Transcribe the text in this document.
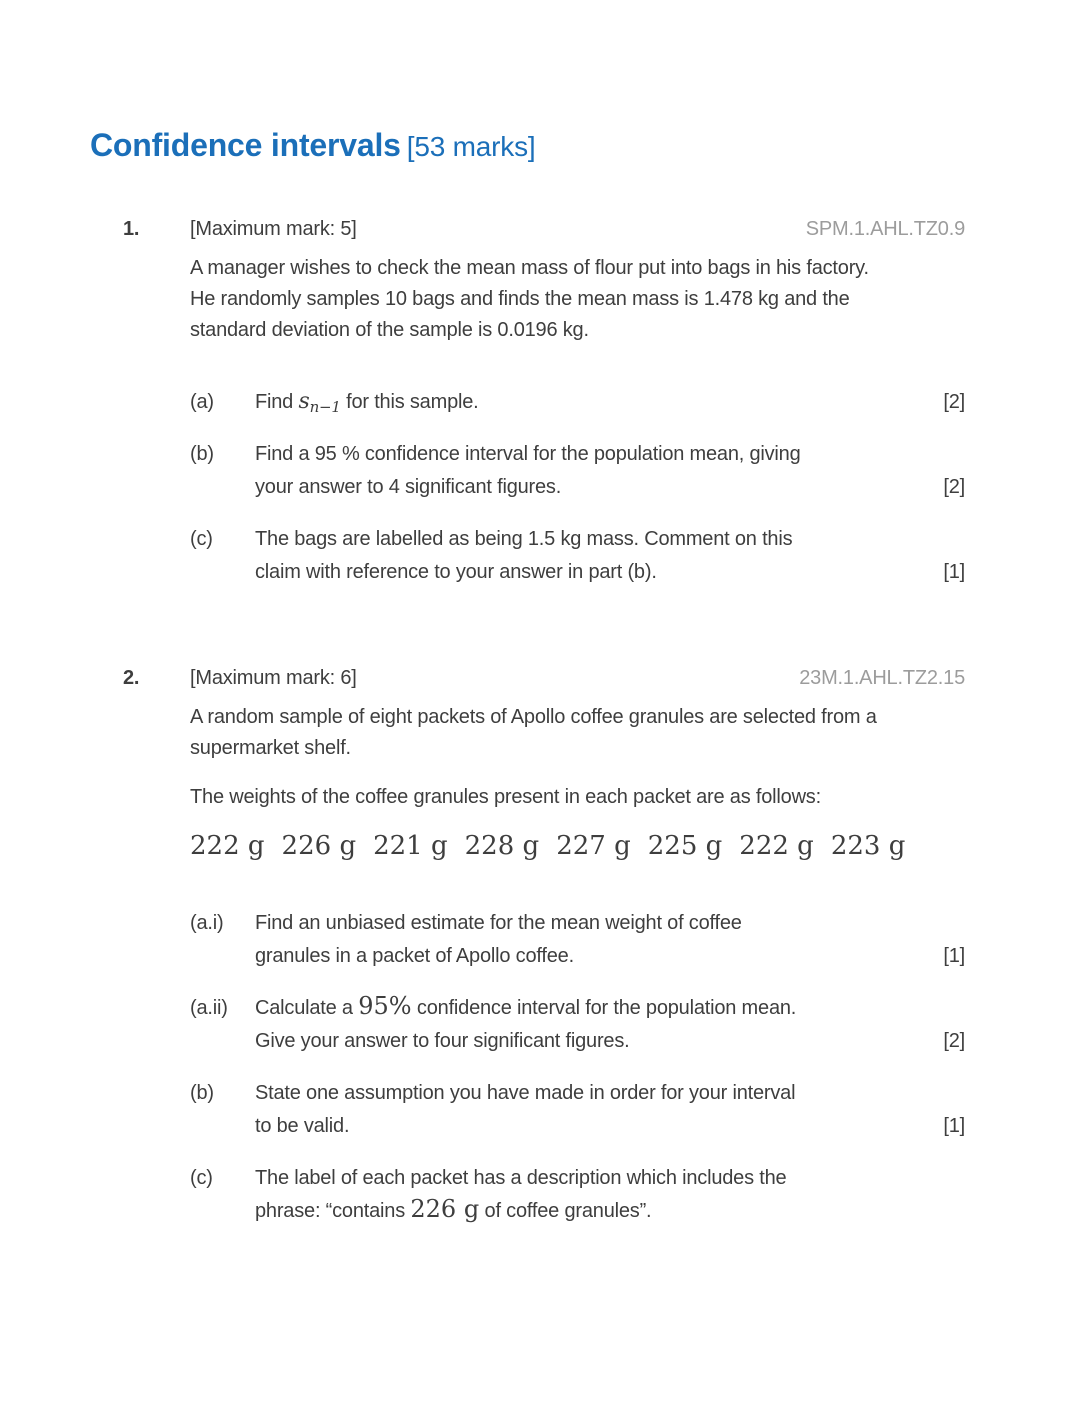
Confidence intervals [53 marks]
1.	[Maximum mark: 5]	SPM.1.AHL.TZ0.9

A manager wishes to check the mean mass of flour put into bags in his factory.
He randomly samples 10 bags and finds the mean mass is 1.478 kg and the
standard deviation of the sample is 0.0196 kg.

(a)	Find $s_{n-1}$ for this sample.	[2]
(b)	Find a 95 % confidence interval for the population mean, giving
your answer to 4 significant figures.	[2]
(c)	The bags are labelled as being 1.5 kg mass. Comment on this
claim with reference to your answer in part (b).	[1]
2.	[Maximum mark: 6]	23M.1.AHL.TZ2.15

A random sample of eight packets of Apollo coffee granules are selected from a
supermarket shelf.

The weights of the coffee granules present in each packet are as follows:

222 g 226 g 221 g 228 g 227 g 225 g 222 g 223 g
(a.i)	Find an unbiased estimate for the mean weight of coffee
granules in a packet of Apollo coffee.	[1]
(a.ii)	Calculate a 95% confidence interval for the population mean.
Give your answer to four significant figures.	[2]
(b)	State one assumption you have made in order for your interval
to be valid.	[1]
(c)	The label of each packet has a description which includes the
phrase: “contains 226 g of coffee granules”.
